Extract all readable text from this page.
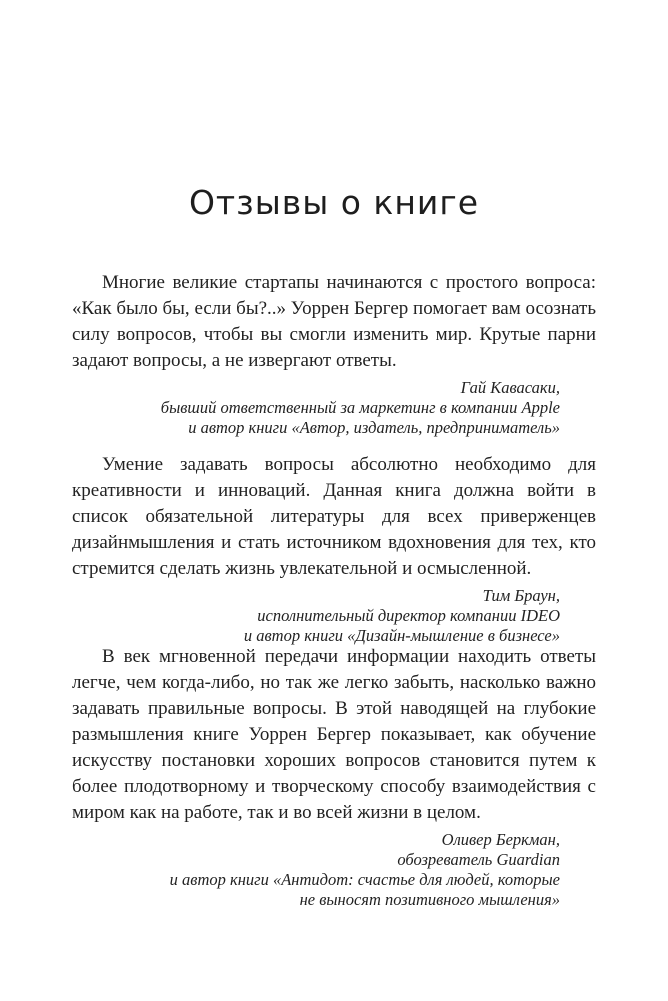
Отзывы о книге

Многие великие стартапы начинаются с простого вопроса: «Как было бы, если бы?..» Уоррен Бергер помогает вам осознать силу вопросов, чтобы вы смогли изменить мир. Крутые парни задают вопросы, а не извергают ответы.

Гай Кавасаки,
бывший ответственный за маркетинг в компании Apple
и автор книги «Автор, издатель, предприниматель»

Умение задавать вопросы абсолютно необходимо для креативности и инноваций. Данная книга должна войти в список обязательной литературы для всех приверженцев дизайнмышления и стать источником вдохновения для тех, кто стремится сделать жизнь увлекательной и осмысленной.

Тим Браун,
исполнительный директор компании IDEO
и автор книги «Дизайн-мышление в бизнесе»

В век мгновенной передачи информации находить ответы легче, чем когда-либо, но так же легко забыть, насколько важно задавать правильные вопросы. В этой наводящей на глубокие размышления книге Уоррен Бергер показывает, как обучение искусству постановки хороших вопросов становится путем к более плодотворному и творческому способу взаимодействия с миром как на работе, так и во всей жизни в целом.

Оливер Беркман,
обозреватель Guardian
и автор книги «Антидот: счастье для людей, которые
не выносят позитивного мышления»
